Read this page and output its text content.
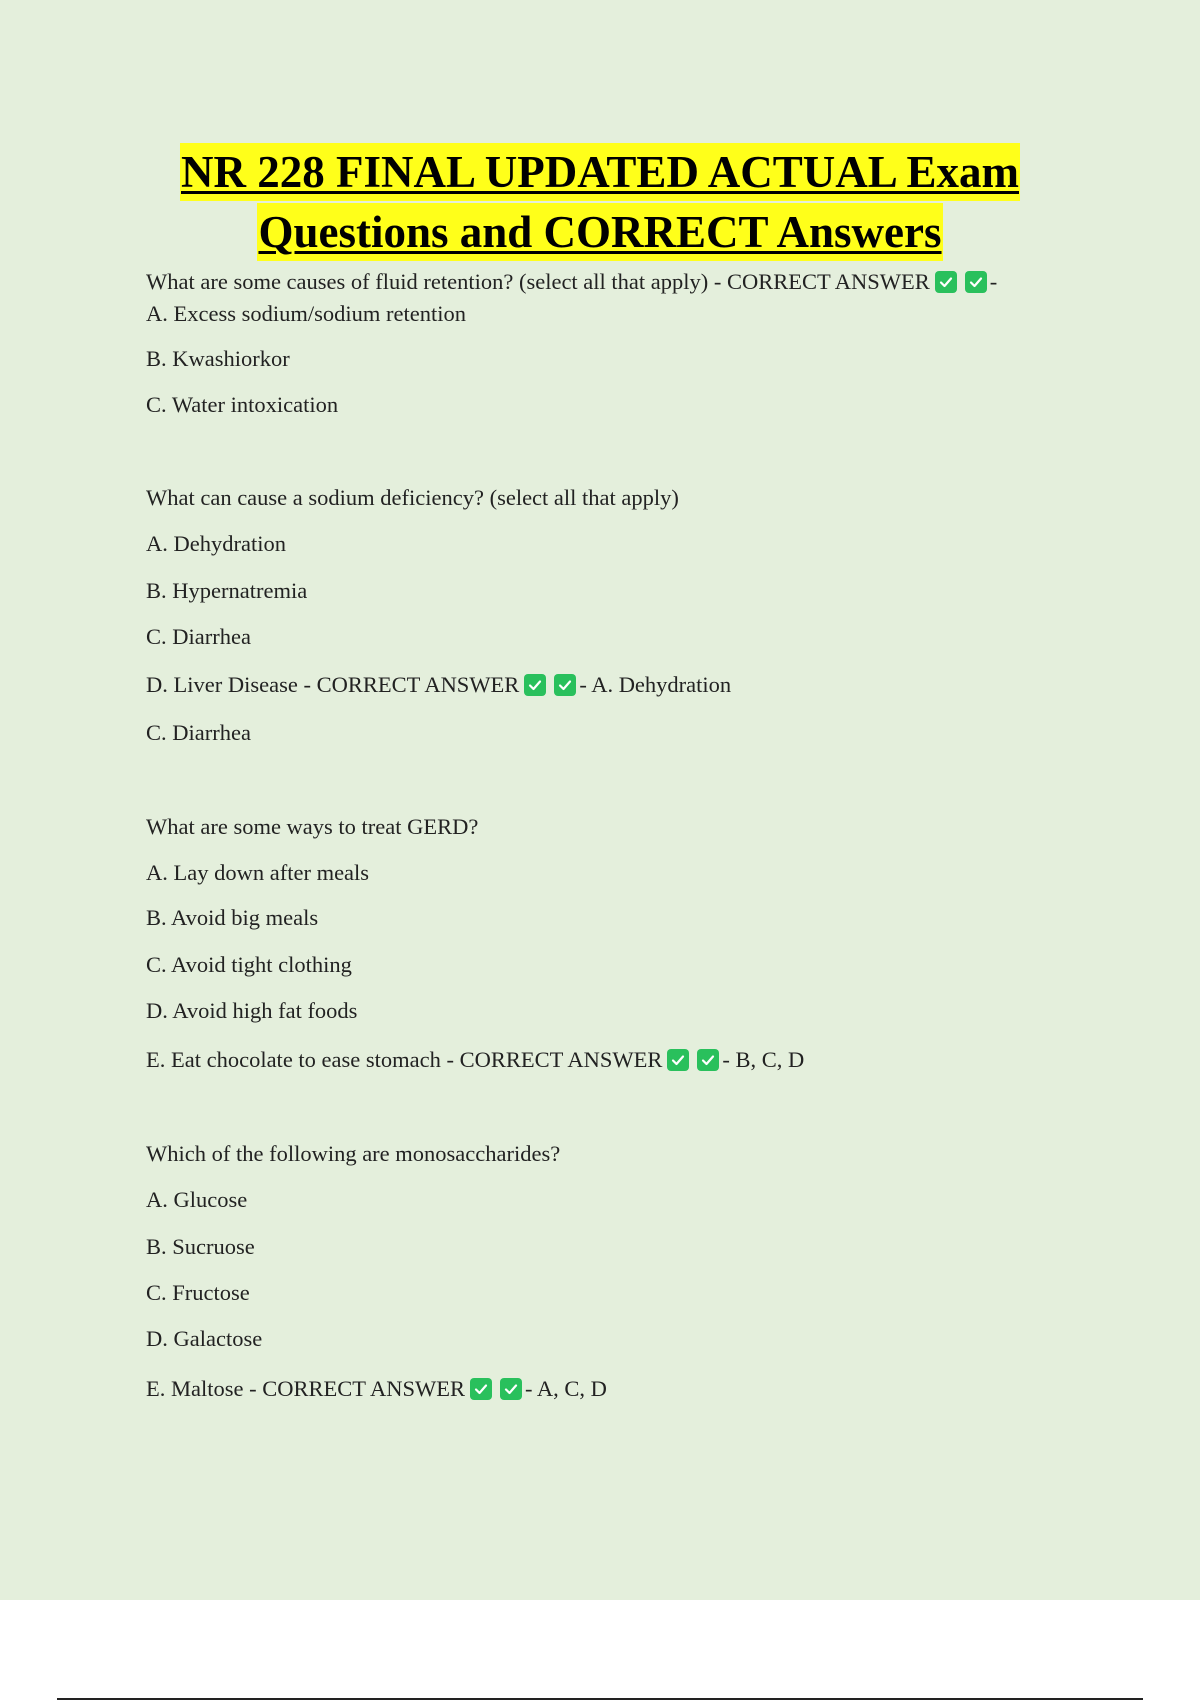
NR 228 FINAL UPDATED ACTUAL Exam
Questions and CORRECT Answers
What are some causes of fluid retention? (select all that apply) - CORRECT ANSWER	-
A. Excess sodium/sodium retention
B. Kwashiorkor
C. Water intoxication
What can cause a sodium deficiency? (select all that apply)
A. Dehydration
B. Hypernatremia
C. Diarrhea
D. Liver Disease - CORRECT ANSWER	- A. Dehydration
C. Diarrhea
What are some ways to treat GERD?
A. Lay down after meals
B. Avoid big meals
C. Avoid tight clothing
D. Avoid high fat foods
E. Eat chocolate to ease stomach - CORRECT ANSWER	- B, C, D
Which of the following are monosaccharides?
A. Glucose
B. Sucruose
C. Fructose
D. Galactose
E. Maltose - CORRECT ANSWER	- A, C, D
